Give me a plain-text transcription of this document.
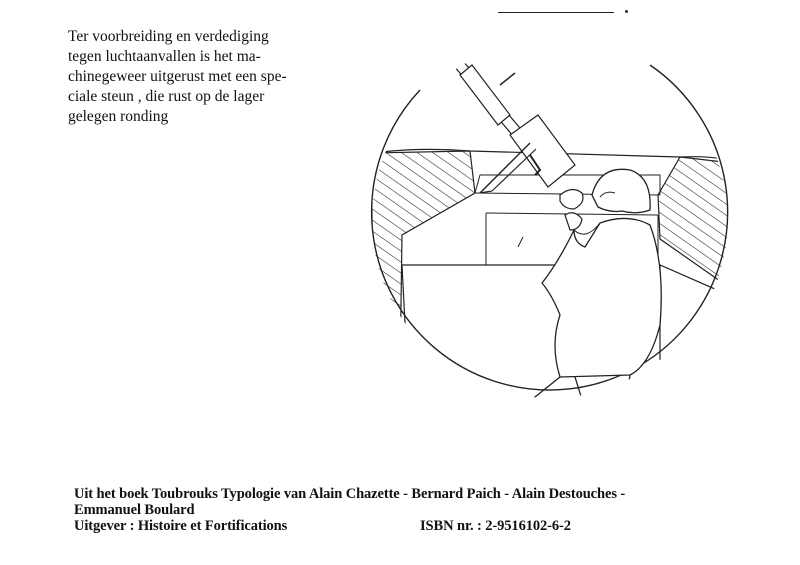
Ter voorbreiding en verdediging
tegen luchtaanvallen is het ma-
chinegeweer uitgerust met een spe-
ciale steun , die rust op de lager
gelegen ronding
Uit het boek Toubrouks Typologie van Alain Chazette - Bernard Paich - Alain Destouches -
Emmanuel Boulard
Uitgever : Histoire et Fortifications	ISBN nr. : 2-9516102-6-2
